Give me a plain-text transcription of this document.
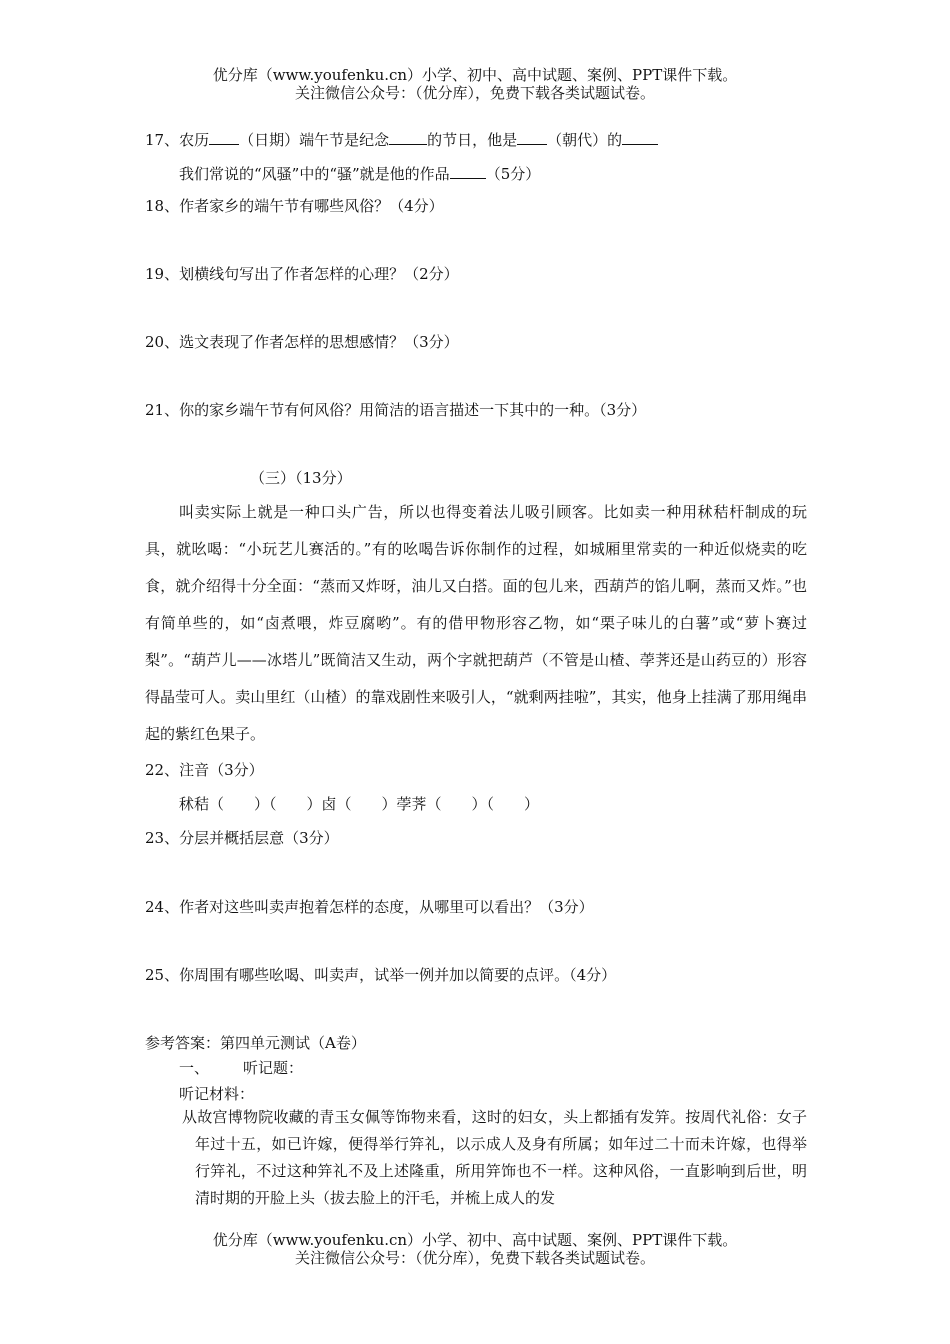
优分库（www.youfenku.cn）小学、初中、高中试题、案例、PPT课件下载。
关注微信公众号：（优分库），免费下载各类试题试卷。
17、农历 （日期）端午节是纪念	的节日，他是 （朝代）的
我们常说的“风骚”中的“骚”就是他的作品 （5分）
18、作者家乡的端午节有哪些风俗？（4分）
19、划横线句写出了作者怎样的心理？（2分）
20、选文表现了作者怎样的思想感情？（3分）
21、你的家乡端午节有何风俗？用简洁的语言描述一下其中的一种。（3分）
（三）（13分）
叫卖实际上就是一种口头广告，所以也得变着法儿吸引顾客。比如卖一种用秫秸杆制成的玩具，就吆喝：“小玩艺儿赛活的。”有的吆喝告诉你制作的过程，如城厢里常卖的一种近似烧卖的吃食，就介绍得十分全面：“蒸而又炸呀，油儿又白搭。面的包儿来，西葫芦的馅儿啊，蒸而又炸。”也有简单些的，如“卤煮喂，炸豆腐哟”。有的借甲物形容乙物，如“栗子味儿的白薯”或“萝卜赛过梨”。“葫芦儿——冰塔儿”既简洁又生动，两个字就把葫芦（不管是山楂、荸荠还是山药豆的）形容得晶莹可人。卖山里红（山楂）的靠戏剧性来吸引人，“就剩两挂啦”，其实，他身上挂满了那用绳串起的紫红色果子。
22、注音（3分）
秫秸（　　）（　　）卤（　　）荸荠（　　）（　　）
23、分层并概括层意（3分）
24、作者对这些叫卖声抱着怎样的态度，从哪里可以看出？（3分）
25、你周围有哪些吆喝、叫卖声，试举一例并加以简要的点评。（4分）
参考答案：第四单元测试（A卷）
一、 听记题：
听记材料：
从故宫博物院收藏的青玉女佩等饰物来看，这时的妇女，头上都插有发笄。按周代礼俗：女子年过十五，如已许嫁，便得举行笄礼，以示成人及身有所属；如年过二十而未许嫁，也得举行笄礼，不过这种笄礼不及上述隆重，所用笄饰也不一样。这种风俗，一直影响到后世，明清时期的开脸上头（拔去脸上的汗毛，并梳上成人的发
优分库（www.youfenku.cn）小学、初中、高中试题、案例、PPT课件下载。
关注微信公众号：（优分库），免费下载各类试题试卷。
